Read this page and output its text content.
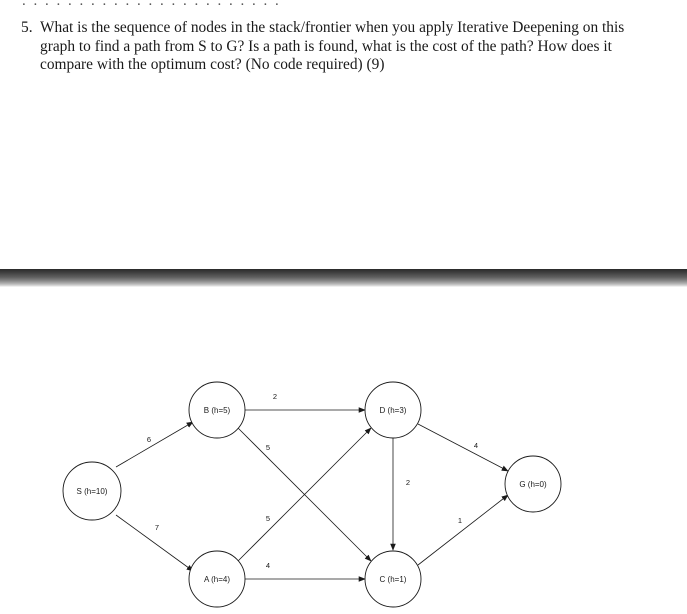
5. What is the sequence of nodes in the stack/frontier when you apply Iterative Deepening on this graph to find a path from S to G? Is a path is found, what is the cost of the path? How does it compare with the optimum cost? (No code required) (9)
6
7
2
5
5
4
2
4
1
S (h=10)
B (h=5)
A (h=4)
D (h=3)
C (h=1)
G (h=0)
